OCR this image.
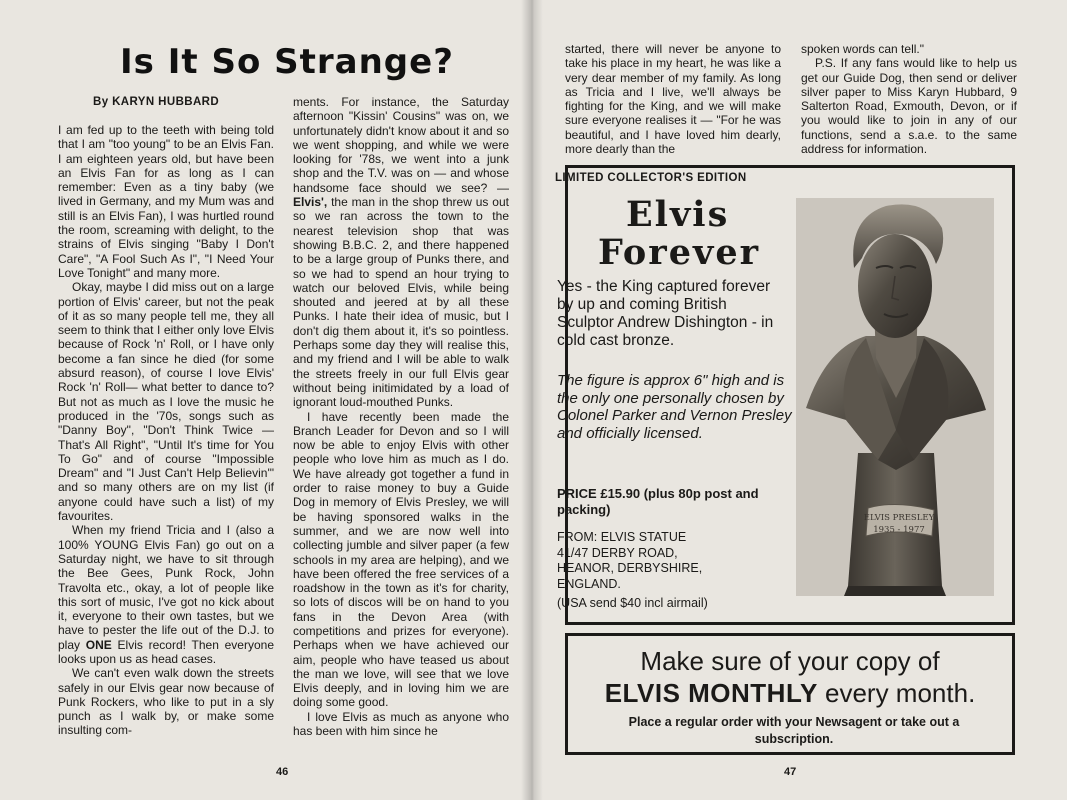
Is It So Strange?
By KARYN HUBBARD

I am fed up to the teeth with being told that I am "too young" to be an Elvis Fan. I am eighteen years old, but have been an Elvis Fan for as long as I can remember: Even as a tiny baby (we lived in Germany, and my Mum was and still is an Elvis Fan), I was hurtled round the room, screaming with delight, to the strains of Elvis singing "Baby I Don't Care", "A Fool Such As I", "I Need Your Love Tonight" and many more.

Okay, maybe I did miss out on a large portion of Elvis' career, but not the peak of it as so many people tell me, they all seem to think that I either only love Elvis because of Rock 'n' Roll, or I have only become a fan since he died (for some absurd reason), of course I love Elvis' Rock 'n' Roll— what better to dance to? But not as much as I love the music he produced in the '70s, songs such as "Danny Boy", "Don't Think Twice — That's All Right", "Until It's time for You To Go" and of course "Impossible Dream" and "I Just Can't Help Believin'" and so many others are on my list (if anyone could have such a list) of my favourites.

When my friend Tricia and I (also a 100% YOUNG Elvis Fan) go out on a Saturday night, we have to sit through the Bee Gees, Punk Rock, John Travolta etc., okay, a lot of people like this sort of music, I've got no kick about it, everyone to their own tastes, but we have to pester the life out of the D.J. to play ONE Elvis record! Then everyone looks upon us as head cases.

We can't even walk down the streets safely in our Elvis gear now because of Punk Rockers, who like to put in a sly punch as I walk by, or make some insulting com-

ments. For instance, the Saturday afternoon "Kissin' Cousins" was on, we unfortunately didn't know about it and so we went shopping, and while we were looking for '78s, we went into a junk shop and the T.V. was on — and whose handsome face should we see? — Elvis', the man in the shop threw us out so we ran across the town to the nearest television shop that was showing B.B.C. 2, and there happened to be a large group of Punks there, and so we had to spend an hour trying to watch our beloved Elvis, while being shouted and jeered at by all these Punks. I hate their idea of music, but I don't dig them about it, it's so pointless. Perhaps some day they will realise this, and my friend and I will be able to walk the streets freely in our full Elvis gear without being initimidated by a load of ignorant loud-mouthed Punks.

I have recently been made the Branch Leader for Devon and so I will now be able to enjoy Elvis with other people who love him as much as I do. We have already got together a fund in order to raise money to buy a Guide Dog in memory of Elvis Presley, we will be having sponsored walks in the summer, and we are now well into collecting jumble and silver paper (a few schools in my area are helping), and we have been offered the free services of a roadshow in the town as it's for charity, so lots of discos will be on hand to you fans in the Devon Area (with competitions and prizes for everyone). Perhaps when we have achieved our aim, people who have teased us about the man we love, will see that we love Elvis deeply, and in loving him we are doing some good.

I love Elvis as much as anyone who has been with him since he

46

started, there will never be anyone to take his place in my heart, he was like a very dear member of my family. As long as Tricia and I live, we'll always be fighting for the King, and we will make sure everyone realises it — "For he was beautiful, and I have loved him dearly, more dearly than the

spoken words can tell."

P.S. If any fans would like to help us get our Guide Dog, then send or deliver silver paper to Miss Karyn Hubbard, 9 Salterton Road, Exmouth, Devon, or if you would like to join in any of our functions, send a s.a.e. to the same address for information.

LIMITED COLLECTOR'S EDITION
Elvis
Forever

Yes - the King captured forever by up and coming British Sculptor Andrew Dishington - in cold cast bronze.

The figure is approx 6" high and is the only one personally chosen by Colonel Parker and Vernon Presley and officially licensed.

PRICE £15.90 (plus 80p post and packing)

FROM: ELVIS STATUE
41/47 DERBY ROAD,
HEANOR, DERBYSHIRE,
ENGLAND.

(USA send $40 incl airmail)

ELVIS PRESLEY
1935 - 1977

Make sure of your copy of

ELVIS MONTHLY every month.

Place a regular order with your Newsagent or take out a subscription.

47
